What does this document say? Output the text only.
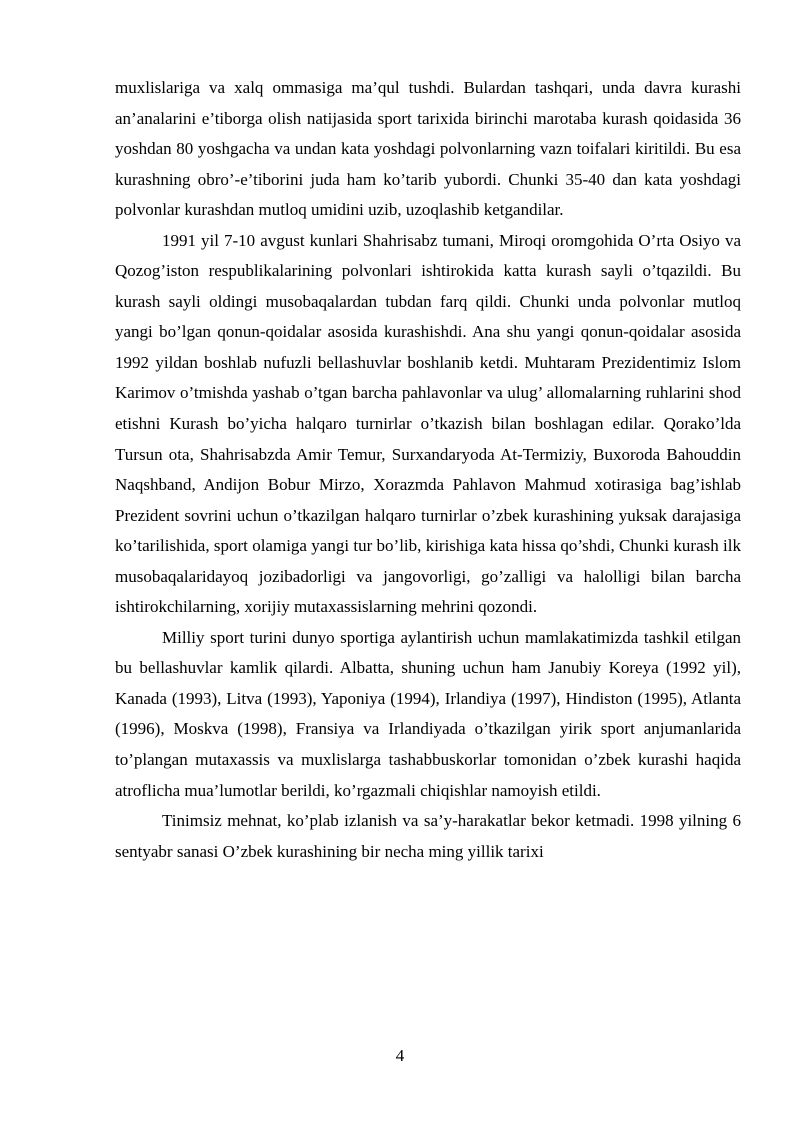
muxlislariga va xalq ommasiga ma’qul tushdi. Bulardan tashqari, unda davra kurashi an’analarini e’tiborga olish natijasida sport tarixida birinchi marotaba kurash qoidasida 36 yoshdan 80 yoshgacha va undan kata yoshdagi polvonlarning vazn toifalari kiritildi. Bu esa kurashning obro’-e’tiborini juda ham ko’tarib yubordi. Chunki 35-40 dan kata yoshdagi polvonlar kurashdan mutloq umidini uzib, uzoqlashib ketgandilar.

1991 yil 7-10 avgust kunlari Shahrisabz tumani, Miroqi oromgohida O’rta Osiyo va Qozog’iston respublikalarining polvonlari ishtirokida katta kurash sayli o’tqazildi. Bu kurash sayli oldingi musobaqalardan tubdan farq qildi. Chunki unda polvonlar mutloq yangi bo’lgan qonun-qoidalar asosida kurashishdi. Ana shu yangi qonun-qoidalar asosida 1992 yildan boshlab nufuzli bellashuvlar boshlanib ketdi. Muhtaram Prezidentimiz Islom Karimov o’tmishda yashab o’tgan barcha pahlavonlar va ulug’ allomalarning ruhlarini shod etishni Kurash bo’yicha halqaro turnirlar o’tkazish bilan boshlagan edilar. Qorako’lda Tursun ota, Shahrisabzda Amir Temur, Surxandaryoda At-Termiziy, Buxoroda Bahouddin Naqshband, Andijon Bobur Mirzo, Xorazmda Pahlavon Mahmud xotirasiga bag’ishlab Prezident sovrini uchun o’tkazilgan halqaro turnirlar o’zbek kurashining yuksak darajasiga ko’tarilishida, sport olamiga yangi tur bo’lib, kirishiga kata hissa qo’shdi, Chunki kurash ilk musobaqalaridayoq jozibadorligi va jangovorligi, go’zalligi va halolligi bilan barcha ishtirokchilarning, xorijiy mutaxassislarning mehrini qozondi.

Milliy sport turini dunyo sportiga aylantirish uchun mamlakatimizda tashkil etilgan bu bellashuvlar kamlik qilardi. Albatta, shuning uchun ham Janubiy Koreya (1992 yil), Kanada (1993), Litva (1993), Yaponiya (1994), Irlandiya (1997), Hindiston (1995), Atlanta (1996), Moskva (1998), Fransiya va Irlandiyada o’tkazilgan yirik sport anjumanlarida to’plangan mutaxassis va muxlislarga tashabbuskorlar tomonidan o’zbek kurashi haqida atroflicha mua’lumotlar berildi, ko’rgazmali chiqishlar namoyish etildi.

Tinimsiz mehnat, ko’plab izlanish va sa’y-harakatlar bekor ketmadi. 1998 yilning 6 sentyabr sanasi O’zbek kurashining bir necha ming yillik tarixi

4
